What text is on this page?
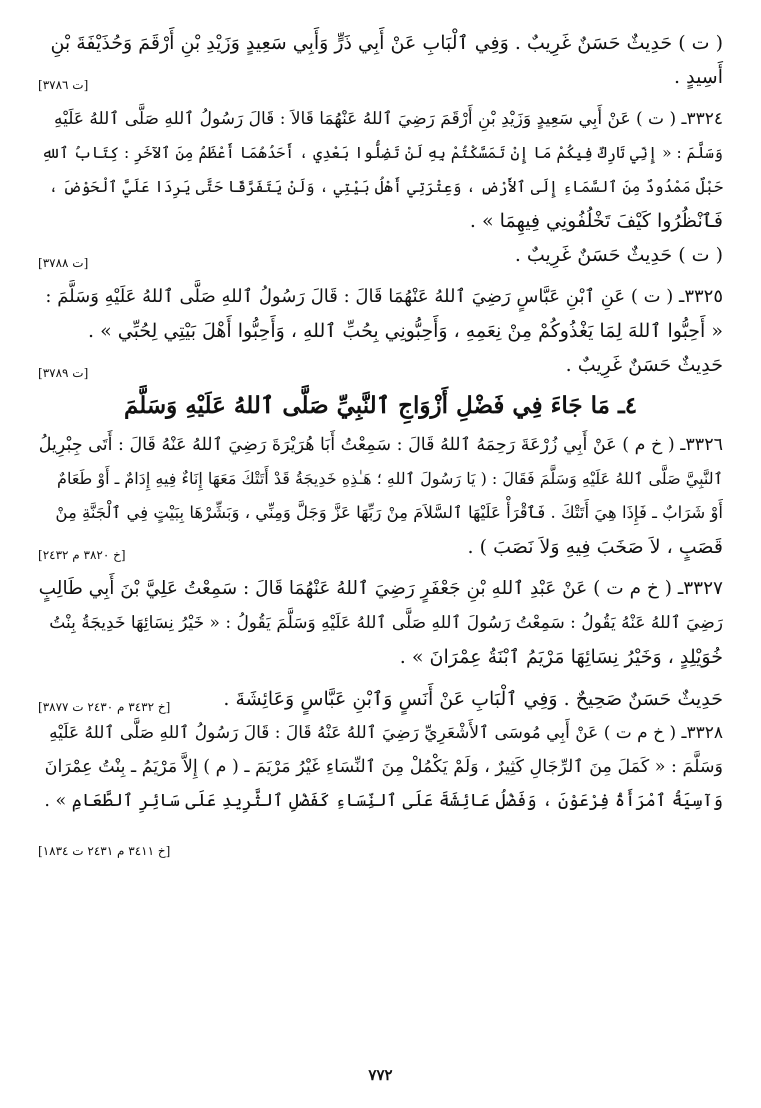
( ت ) حَدِيثٌ حَسَنٌ غَرِيبٌ . وَفِي ٱلْبَابِ عَنْ أَبِي ذَرٍّ وَأَبِي سَعِيدٍ وَزَيْدِ بْنِ أَرْقَمَ وَحُذَيْفَةَ بْنِ
أَسِيدٍ .
[ت ٣٧٨٦]
٣٣٢٤ـ ( ت ) عَنْ أَبِي سَعِيدٍ وَزَيْدِ بْنِ أَرْقَمَ رَضِيَ ٱللهُ عَنْهُمَا قَالاَ : قَالَ رَسُولُ ٱللهِ صَلَّى ٱللهُ عَلَيْهِ
وَسَلَّمَ : « إِنِّي تَارِكٌ فِيكُمْ مَا إِنْ تَمَسَّكْتُمْ بِهِ لَنْ تَضِلُّوا بَعْدِي ، أَحَدُهُمَا أَعْظَمُ مِنَ ٱلآخَرِ : كِتَابُ ٱللهِ
حَبْلٌ مَمْدُودٌ مِنَ ٱلسَّمَاءِ إِلَى ٱلأَرْضِ ، وَعِتْرَتِي أَهْلُ بَيْتِي ، وَلَنْ يَتَفَرَّقَا حَتَّى يَرِدَا عَلَيَّ ٱلْحَوْضَ ،
فَٱنْظُرُوا كَيْفَ تَخْلُفُونِي فِيهِمَا » .
( ت ) حَدِيثٌ حَسَنٌ غَرِيبٌ .
[ت ٣٧٨٨]
٣٣٢٥ـ ( ت ) عَنِ ٱبْنِ عَبَّاسٍ رَضِيَ ٱللهُ عَنْهُمَا قَالَ : قَالَ رَسُولُ ٱللهِ صَلَّى ٱللهُ عَلَيْهِ وَسَلَّمَ :
« أَحِبُّوا ٱللهَ لِمَا يَغْذُوكُمْ مِنْ نِعَمِهِ ، وَأَحِبُّونِي بِحُبِّ ٱللهِ ، وَأَحِبُّوا أَهْلَ بَيْتِي لِحُبِّي » .
حَدِيثٌ حَسَنٌ غَرِيبٌ .
[ت ٣٧٨٩]
٤ـ مَا جَاءَ فِي فَضْلِ أَزْوَاجِ ٱلنَّبِيِّ صَلَّى ٱللهُ عَلَيْهِ وَسَلَّمَ
٣٣٢٦ـ ( خ م ) عَنْ أَبِي زُرْعَةَ رَحِمَهُ ٱللهُ قَالَ : سَمِعْتُ أَبَا هُرَيْرَةَ رَضِيَ ٱللهُ عَنْهُ قَالَ : أَتَى جِبْرِيلُ
ٱلنَّبِيَّ صَلَّى ٱللهُ عَلَيْهِ وَسَلَّمَ فَقَالَ : ( يَا رَسُولَ ٱللهِ ؛ هَـٰذِهِ خَدِيجَةُ قَدْ أَتَتْكَ مَعَهَا إِنَاءٌ فِيهِ إِدَامٌ ـ أَوْ طَعَامٌ
أَوْ شَرَابٌ ـ فَإِذَا هِيَ أَتَتْكَ . فَٱقْرَأْ عَلَيْهَا ٱلسَّلاَمَ مِنْ رَبِّهَا عَزَّ وَجَلَّ وَمِنِّي ، وَبَشِّرْهَا بِبَيْتٍ فِي ٱلْجَنَّةِ مِنْ
قَصَبٍ ، لاَ صَخَبَ فِيهِ وَلاَ نَصَبَ ) .
[خ ٣٨٢٠ م ٢٤٣٢]
٣٣٢٧ـ ( خ م ت ) عَنْ عَبْدِ ٱللهِ بْنِ جَعْفَرٍ رَضِيَ ٱللهُ عَنْهُمَا قَالَ : سَمِعْتُ عَلِيَّ بْنَ أَبِي طَالِبٍ
رَضِيَ ٱللهُ عَنْهُ يَقُولُ : سَمِعْتُ رَسُولَ ٱللهِ صَلَّى ٱللهُ عَلَيْهِ وَسَلَّمَ يَقُولُ : « خَيْرُ نِسَائِهَا خَدِيجَةُ بِنْتُ
خُوَيْلِدٍ ، وَخَيْرُ نِسَائِهَا مَرْيَمُ ٱبْنَةُ عِمْرَانَ » .
حَدِيثٌ حَسَنٌ صَحِيحٌ . وَفِي ٱلْبَابِ عَنْ أَنَسٍ وَٱبْنِ عَبَّاسٍ وَعَائِشَةَ .
[خ ٣٤٣٢ م ٢٤٣٠ ت ٣٨٧٧]
٣٣٢٨ـ ( خ م ت ) عَنْ أَبِي مُوسَى ٱلأَشْعَرِيِّ رَضِيَ ٱللهُ عَنْهُ قَالَ : قَالَ رَسُولُ ٱللهِ صَلَّى ٱللهُ عَلَيْهِ
وَسَلَّمَ : « كَمَلَ مِنَ ٱلرِّجَالِ كَثِيرٌ ، وَلَمْ يَكْمُلْ مِنَ ٱلنِّسَاءِ غَيْرُ مَرْيَمَ ـ ( م ) إِلاَّ مَرْيَمُ ـ بِنْتُ عِمْرَانَ
وَآسِيَةُ ٱمْرَأَةُ فِرْعَوْنَ ، وَفَضْلُ عَائِشَةَ عَلَى ٱلنِّسَاءِ كَفَضْلِ ٱلثَّرِيدِ عَلَى سَائِرِ ٱلطَّعَامِ » .
[خ ٣٤١١ م ٢٤٣١ ت ١٨٣٤]
٧٧٢
